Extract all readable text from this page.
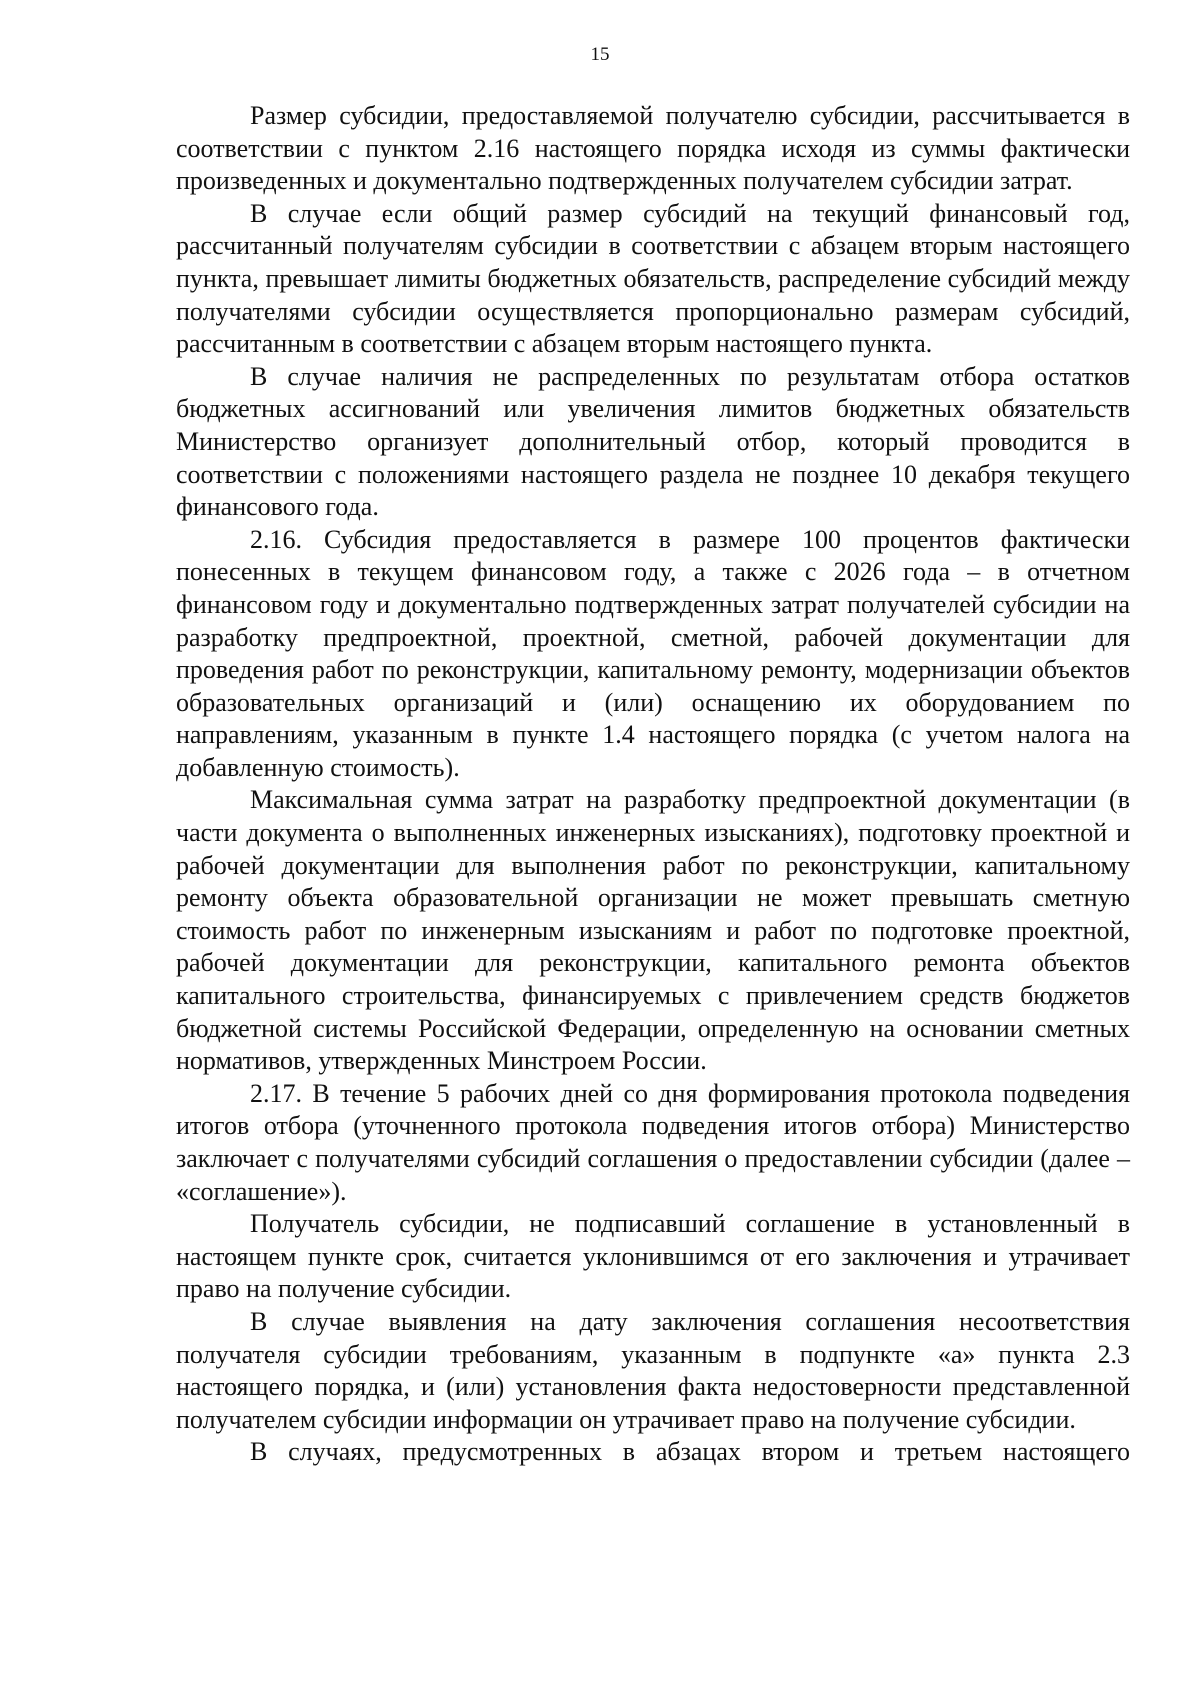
15

Размер субсидии, предоставляемой получателю субсидии, рассчитывается в соответствии с пунктом 2.16 настоящего порядка исходя из суммы фактически произведенных и документально подтвержденных получателем субсидии затрат.

В случае если общий размер субсидий на текущий финансовый год, рассчитанный получателям субсидии в соответствии с абзацем вторым настоящего пункта, превышает лимиты бюджетных обязательств, распределение субсидий между получателями субсидии осуществляется пропорционально размерам субсидий, рассчитанным в соответствии с абзацем вторым настоящего пункта.

В случае наличия не распределенных по результатам отбора остатков бюджетных ассигнований или увеличения лимитов бюджетных обязательств Министерство организует дополнительный отбор, который проводится в соответствии с положениями настоящего раздела не позднее 10 декабря текущего финансового года.

2.16. Субсидия предоставляется в размере 100 процентов фактически понесенных в текущем финансовом году, а также с 2026 года – в отчетном финансовом году и документально подтвержденных затрат получателей субсидии на разработку предпроектной, проектной, сметной, рабочей документации для проведения работ по реконструкции, капитальному ремонту, модернизации объектов образовательных организаций и (или) оснащению их оборудованием по направлениям, указанным в пункте 1.4 настоящего порядка (с учетом налога на добавленную стоимость).

Максимальная сумма затрат на разработку предпроектной документации (в части документа о выполненных инженерных изысканиях), подготовку проектной и рабочей документации для выполнения работ по реконструкции, капитальному ремонту объекта образовательной организации не может превышать сметную стоимость работ по инженерным изысканиям и работ по подготовке проектной, рабочей документации для реконструкции, капитального ремонта объектов капитального строительства, финансируемых с привлечением средств бюджетов бюджетной системы Российской Федерации, определенную на основании сметных нормативов, утвержденных Минстроем России.

2.17. В течение 5 рабочих дней со дня формирования протокола подведения итогов отбора (уточненного протокола подведения итогов отбора) Министерство заключает с получателями субсидий соглашения о предоставлении субсидии (далее – «соглашение»).

Получатель субсидии, не подписавший соглашение в установленный в настоящем пункте срок, считается уклонившимся от его заключения и утрачивает право на получение субсидии.

В случае выявления на дату заключения соглашения несоответствия получателя субсидии требованиям, указанным в подпункте «а» пункта 2.3 настоящего порядка, и (или) установления факта недостоверности представленной получателем субсидии информации он утрачивает право на получение субсидии.

В случаях, предусмотренных в абзацах втором и третьем настоящего
